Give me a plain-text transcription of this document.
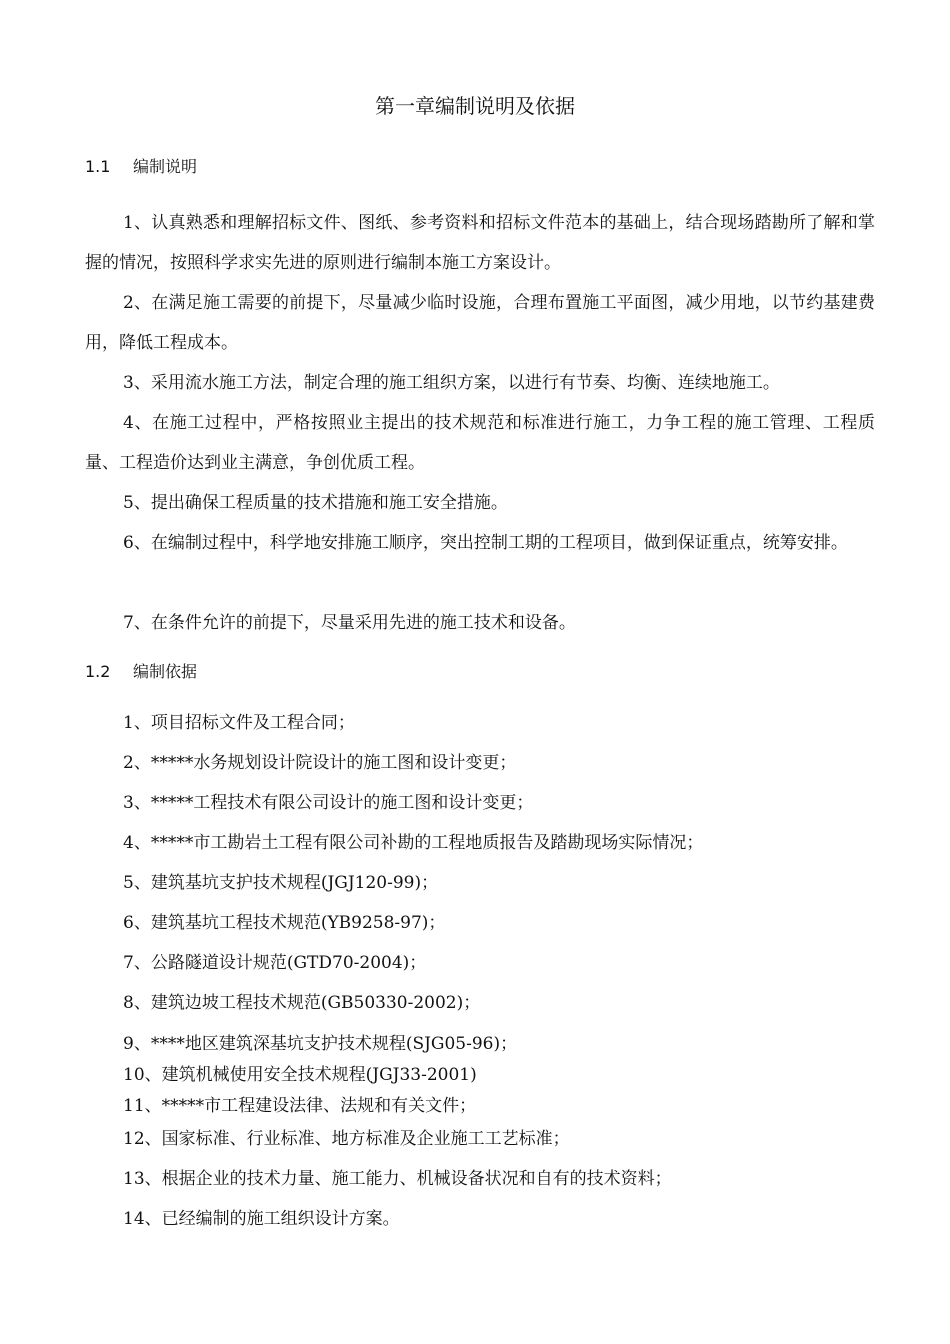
第一章编制说明及依据
1.1 编制说明

1、认真熟悉和理解招标文件、图纸、参考资料和招标文件范本的基础上，结合现场踏勘所了解和掌握的情况，按照科学求实先进的原则进行编制本施工方案设计。

2、在满足施工需要的前提下，尽量减少临时设施，合理布置施工平面图，减少用地，以节约基建费用，降低工程成本。

3、采用流水施工方法，制定合理的施工组织方案，以进行有节奏、均衡、连续地施工。

4、在施工过程中，严格按照业主提出的技术规范和标准进行施工，力争工程的施工管理、工程质量、工程造价达到业主满意，争创优质工程。

5、提出确保工程质量的技术措施和施工安全措施。

6、在编制过程中，科学地安排施工顺序，突出控制工期的工程项目，做到保证重点，统筹安排。

7、在条件允许的前提下，尽量采用先进的施工技术和设备。

1.2 编制依据
1、项目招标文件及工程合同；
2、*****水务规划设计院设计的施工图和设计变更；
3、*****工程技术有限公司设计的施工图和设计变更；
4、*****市工勘岩土工程有限公司补勘的工程地质报告及踏勘现场实际情况；
5、建筑基坑支护技术规程(JGJ120-99)；
6、建筑基坑工程技术规范(YB9258-97)；
7、公路隧道设计规范(GTD70-2004)；
8、建筑边坡工程技术规范(GB50330-2002)；
9、****地区建筑深基坑支护技术规程(SJG05-96)；
10、建筑机械使用安全技术规程(JGJ33-2001)
11、*****市工程建设法律、法规和有关文件；
12、国家标准、行业标准、地方标准及企业施工工艺标准；
13、根据企业的技术力量、施工能力、机械设备状况和自有的技术资料；
14、已经编制的施工组织设计方案。
